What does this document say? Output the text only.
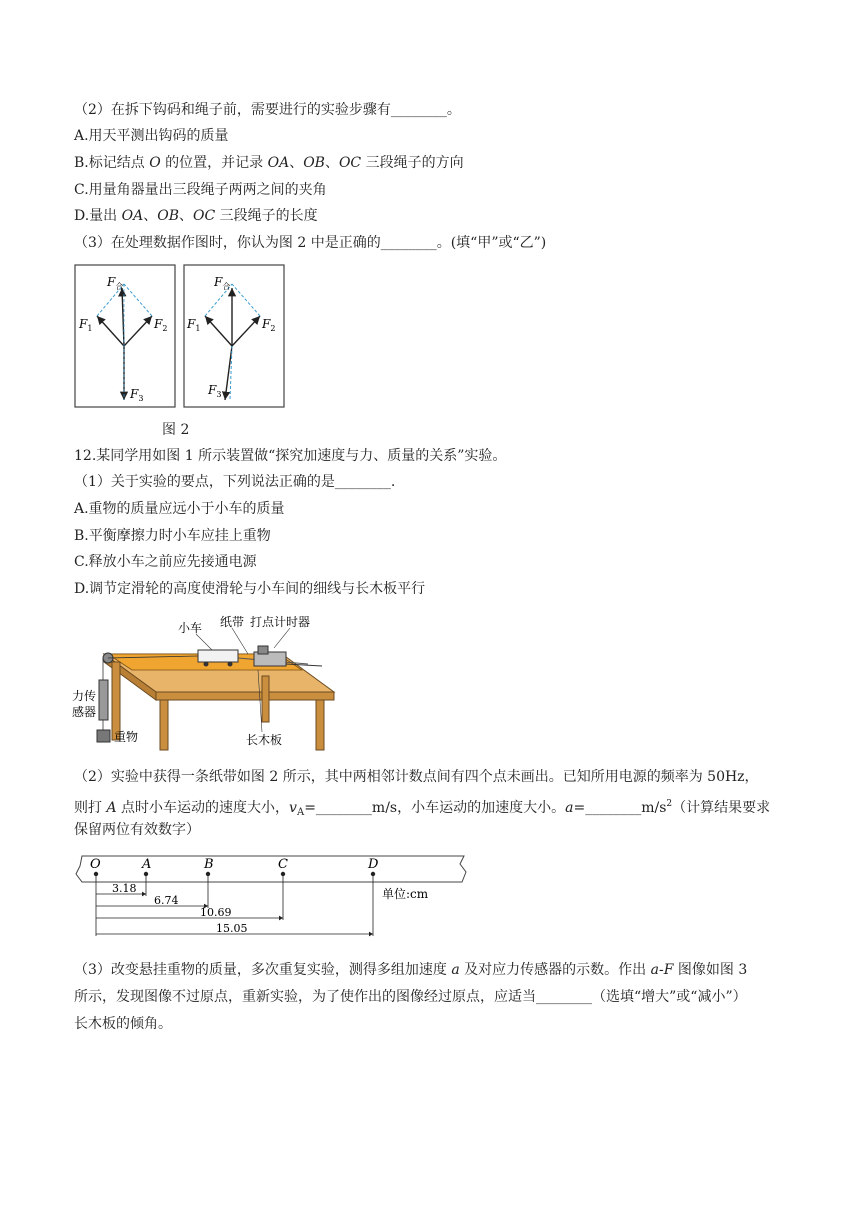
（2）在拆下钩码和绳子前，需要进行的实验步骤有________。
A.用天平测出钩码的质量
B.标记结点 O 的位置，并记录 OA、OB、OC 三段绳子的方向
C.用量角器量出三段绳子两两之间的夹角
D.量出 OA、OB、OC 三段绳子的长度
（3）在处理数据作图时，你认为图 2 中是正确的________。(填“甲”或“乙”)
$F_合$
$F_1$	$F_2$
$F_3$
$F_合$
$F_1$	$F_2$
$F_3$
图 2
12.某同学用如图 1 所示装置做“探究加速度与力、质量的关系”实验。
（1）关于实验的要点，下列说法正确的是________.
A.重物的质量应远小于小车的质量
B.平衡摩擦力时小车应挂上重物
C.释放小车之前应先接通电源
D.调节定滑轮的高度使滑轮与小车间的细线与长木板平行
小车 纸带 打点计时器
力传
感器
重物	长木板
（2）实验中获得一条纸带如图 2 所示，其中两相邻计数点间有四个点未画出。已知所用电源的频率为 50Hz，
则打 A 点时小车运动的速度大小，$v_A=\_\_\_\_\_\_\_\_m/s$，小车运动的加速度大小。$a=\_\_\_\_\_\_\_\_m/s^2$（计算结果要求
保留两位有效数字）
O	A	B	C	D
3.18
6.74
10.69
15.05
单位:cm
（3）改变悬挂重物的质量，多次重复实验，测得多组加速度 a 及对应力传感器的示数。作出 a-F 图像如图 3
所示，发现图像不过原点，重新实验，为了使作出的图像经过原点，应适当________（选填“增大”或“减小”）
长木板的倾角。
